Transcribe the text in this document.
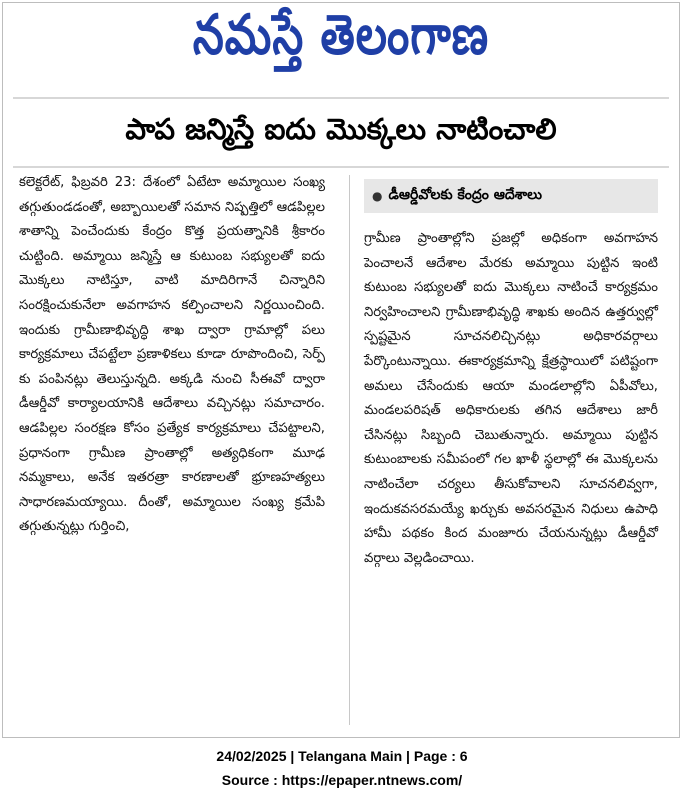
నమస్తే తెలంగాణ
పాప జన్మిస్తే ఐదు మొక్కలు నాటించాలి

కలెక్టరేట్, ఫిబ్రవరి 23: దేశంలో ఏటేటా అమ్మాయిల సంఖ్య తగ్గుతుండడంతో, అబ్బాయిలతో సమాన నిష్పత్తిలో ఆడపిల్లల శాతాన్ని పెంచేందుకు కేంద్రం కొత్త ప్రయత్నానికి శ్రీకారం చుట్టింది. అమ్మాయి జన్మిస్తే ఆ కుటుంబ సభ్యులతో ఐదు మొక్కలు నాటిస్తూ, వాటి మాదిరిగానే చిన్నారిని సంరక్షించుకునేలా అవగాహన కల్పించాలని నిర్ణయించింది. ఇందుకు గ్రామీణాభివృద్ధి శాఖ ద్వారా గ్రామాల్లో పలు కార్యక్రమాలు చేపట్టేలా ప్రణాళికలు కూడా రూపొందించి, సెర్ప్ కు పంపినట్లు తెలుస్తున్నది. అక్కడి నుంచి సీఈవో ద్వారా డీఆర్డీవో కార్యాలయానికి ఆదేశాలు వచ్చినట్లు సమాచారం. ఆడపిల్లల సంరక్షణ కోసం ప్రత్యేక కార్యక్రమాలు చేపట్టాలని, ప్రధానంగా గ్రామీణ ప్రాంతాల్లో అత్యధికంగా మూఢ నమ్మకాలు, అనేక ఇతరత్రా కారణాలతో భ్రూణహత్యలు సాధారణమయ్యాయి. దీంతో, అమ్మాయిల సంఖ్య క్రమేపి తగ్గుతున్నట్లు గుర్తించి,

● డీఆర్డీవోలకు కేంద్రం ఆదేశాలు

గ్రామీణ ప్రాంతాల్లోని ప్రజల్లో అధికంగా అవగాహన పెంచాలనే ఆదేశాల మేరకు అమ్మాయి పుట్టిన ఇంటి కుటుంబ సభ్యులతో ఐదు మొక్కలు నాటించే కార్యక్రమం నిర్వహించాలని గ్రామీణాభివృద్ధి శాఖకు అందిన ఉత్తర్వుల్లో స్పష్టమైన సూచనలిచ్చినట్లు అధికారవర్గాలు పేర్కొంటున్నాయి. ఈకార్యక్రమాన్ని క్షేత్రస్థాయిలో పటిష్టంగా అమలు చేసేందుకు ఆయా మండలాల్లోని ఏపీవోలు, మండలపరిషత్ అధికారులకు తగిన ఆదేశాలు జారీ చేసినట్లు సిబ్బంది చెబుతున్నారు. అమ్మాయి పుట్టిన కుటుంబాలకు సమీపంలో గల ఖాళీ స్థలాల్లో ఈ మొక్కలను నాటించేలా చర్యలు తీసుకోవాలని సూచనలివ్వగా, ఇందుకవసరమయ్యే ఖర్చుకు అవసరమైన నిధులు ఉపాధి హామీ పథకం కింద మంజూరు చేయనున్నట్లు డీఆర్డీవో వర్గాలు వెల్లడించాయి.

24/02/2025 | Telangana Main | Page : 6
Source : https://epaper.ntnews.com/
